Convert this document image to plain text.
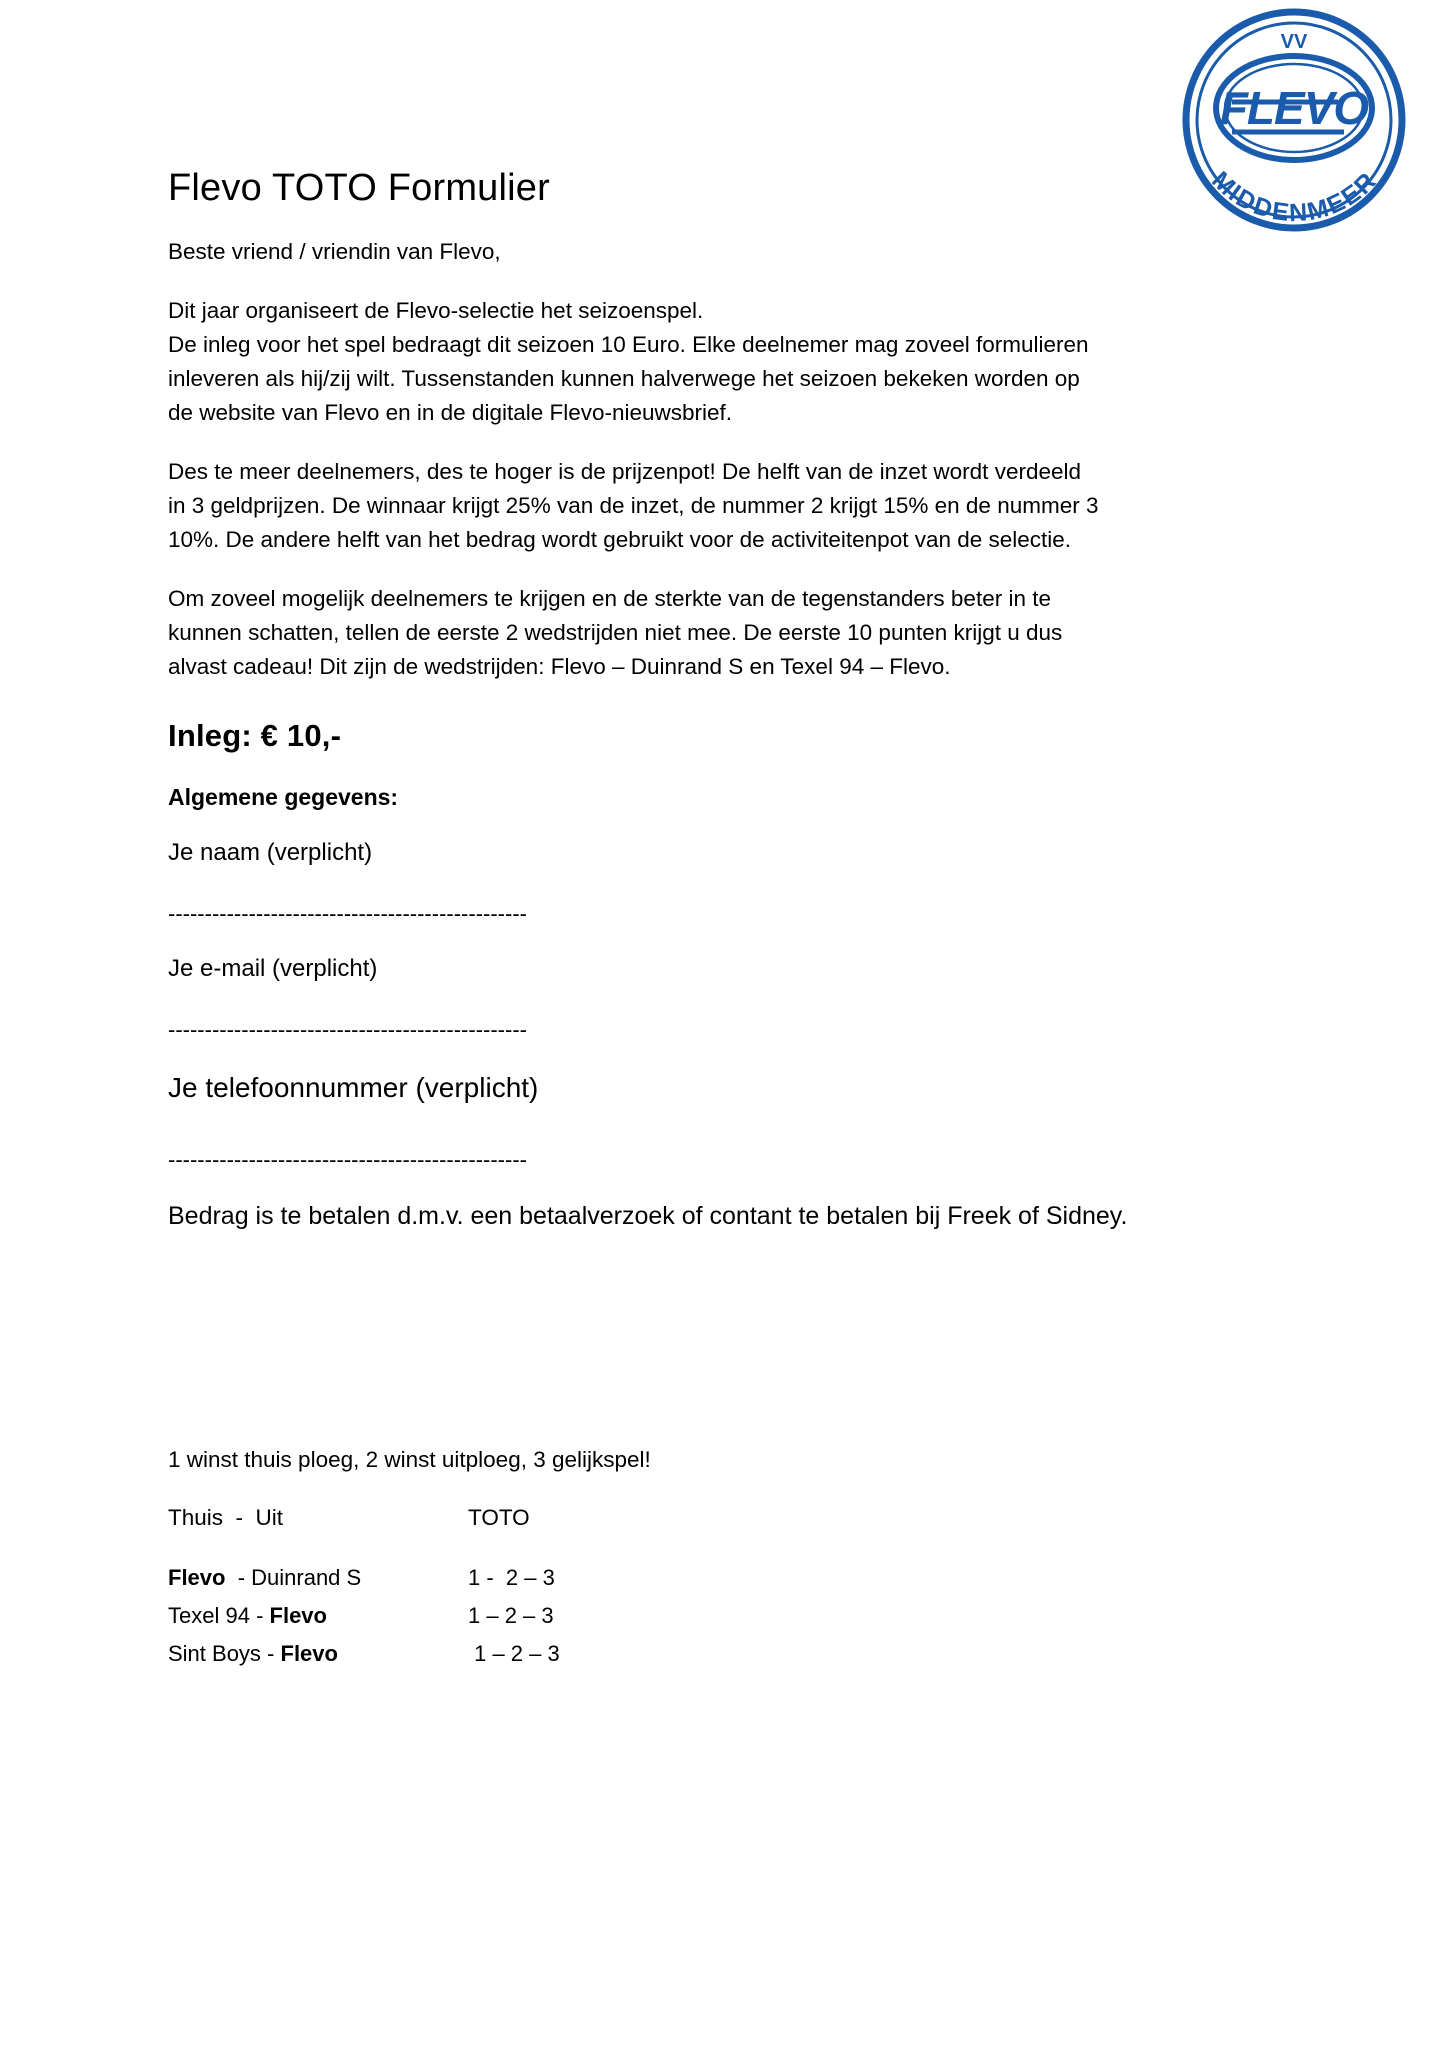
VV
FLEVO
MIDDENMEER
Flevo TOTO Formulier

Beste vriend / vriendin van Flevo,

Dit jaar organiseert de Flevo-selectie het seizoenspel.
De inleg voor het spel bedraagt dit seizoen 10 Euro. Elke deelnemer mag zoveel formulieren
inleveren als hij/zij wilt. Tussenstanden kunnen halverwege het seizoen bekeken worden op
de website van Flevo en in de digitale Flevo-nieuwsbrief.

Des te meer deelnemers, des te hoger is de prijzenpot! De helft van de inzet wordt verdeeld
in 3 geldprijzen. De winnaar krijgt 25% van de inzet, de nummer 2 krijgt 15% en de nummer 3
10%. De andere helft van het bedrag wordt gebruikt voor de activiteitenpot van de selectie.

Om zoveel mogelijk deelnemers te krijgen en de sterkte van de tegenstanders beter in te
kunnen schatten, tellen de eerste 2 wedstrijden niet mee. De eerste 10 punten krijgt u dus
alvast cadeau! Dit zijn de wedstrijden: Flevo – Duinrand S en Texel 94 – Flevo.

Inleg: € 10,-

Algemene gegevens:

Je naam (verplicht)

-------------------------------------------------

Je e-mail (verplicht)

-------------------------------------------------

Je telefoonnummer (verplicht)

-------------------------------------------------

Bedrag is te betalen d.m.v. een betaalverzoek of contant te betalen bij Freek of Sidney.

1 winst thuis ploeg, 2 winst uitploeg, 3 gelijkspel!

Thuis  -  Uit	TOTO
Flevo  - Duinrand S	1 -  2 – 3
Texel 94 - Flevo	1 – 2 – 3
Sint Boys - Flevo	1 – 2 – 3
